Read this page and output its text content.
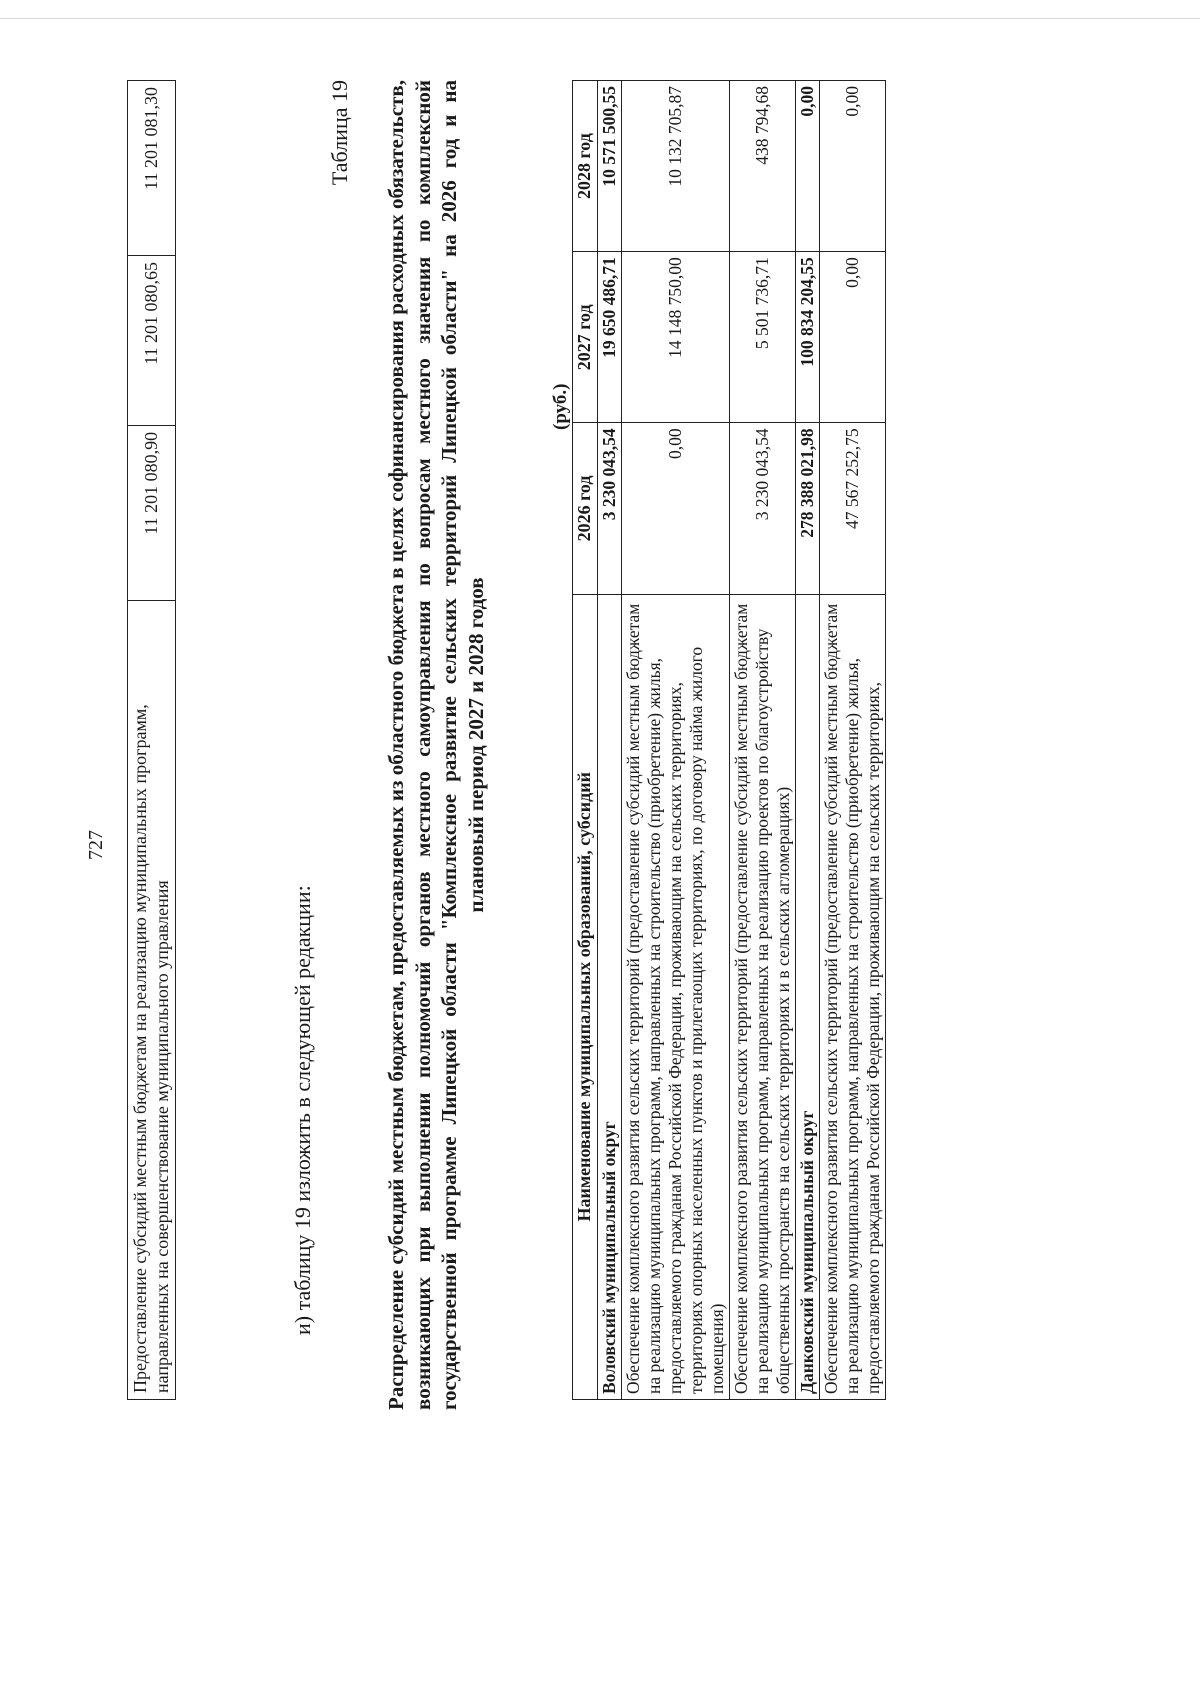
727 Предоставление субсидий местным бюджетам на реализацию муниципальных программ, направленных на совершенствование муниципального управления	11 201 080,90	11 201 080,65	11 201 081,30
и) таблицу 19 изложить в следующей редакции:
Таблица 19 Распределение субсидий местным бюджетам, предоставляемых из областного бюджета в целях софинансирования расходных обязательств, возникающих при выполнении полномочий органов местного самоуправления по вопросам местного значения по комплексной государственной программе Липецкой области "Комплексное развитие сельских территорий Липецкой области" на 2026 год и на плановый период 2027 и 2028 годов
(руб.)
Наименование муниципальных образований, субсидий	2026 год	2027 год	2028 год
Воловский муниципальный округ	3 230 043,54	19 650 486,71	10 571 500,55
Обеспечение комплексного развития сельских территорий (предоставление субсидий местным бюджетам на реализацию муниципальных программ, направленных на строительство (приобретение) жилья, предоставляемого гражданам Российской Федерации, проживающим на сельских территориях, территориях опорных населенных пунктов и прилегающих территориях, по договору найма жилого помещения)	0,00	14 148 750,00	10 132 705,87
Обеспечение комплексного развития сельских территорий (предоставление субсидий местным бюджетам на реализацию муниципальных программ, направленных на реализацию проектов по благоустройству общественных пространств на сельских территориях и в сельских агломерациях)	3 230 043,54	5 501 736,71	438 794,68
Данковский муниципальный округ	278 388 021,98	100 834 204,55	0,00
Обеспечение комплексного развития сельских территорий (предоставление субсидий местным бюджетам на реализацию муниципальных программ, направленных на строительство (приобретение) жилья, предоставляемого гражданам Российской Федерации, проживающим на сельских территориях,	47 567 252,75	0,00	0,00
